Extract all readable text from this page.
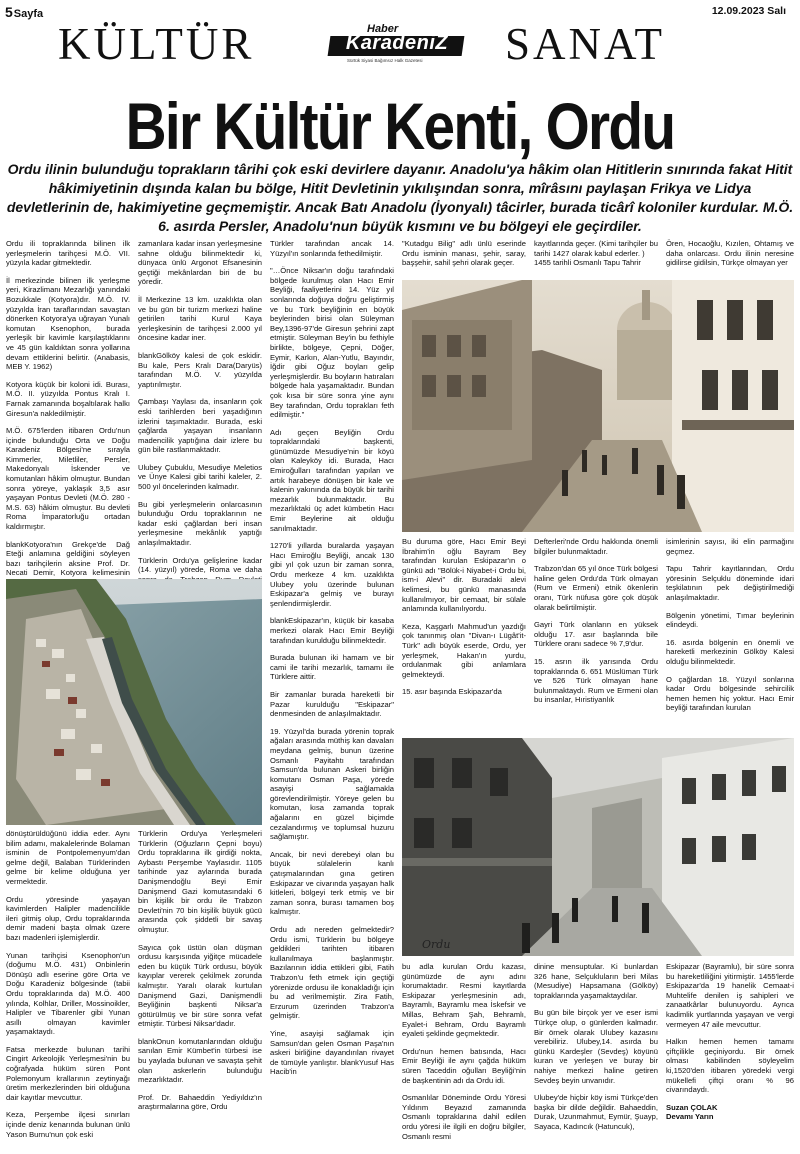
5Sayfa	12.09.2023 Salı
KÜLTÜR	SANAT
Haber
KaradeniZ
Sürtük Siyasi Bağımsız Halk Gazetesi
Bir Kültür Kenti, Ordu
Ordu ilinin bulunduğu toprakların târihi çok eski devirlere dayanır. Anadolu'ya hâkim olan Hititlerin sınırında fakat Hitit hâkimiyetinin dışında kalan bu bölge, Hitit Devletinin yıkılışından sonra, mîrâsını paylaşan Frikya ve Lidya devletlerinin de, hakimiyetine geçmemiştir. Ancak Batı Anadolu (İyonyalı) tâcirler, burada ticârî koloniler kurdular. M.Ö. 6. asırda Persler, Anadolu'nun büyük kısmını ve bu bölgeyi ele geçirdiler.

Ordu ili topraklarında bilinen ilk yerleşmelerin tarihçesi M.Ö. VII. yüzyıla kadar gitmektedir.

İl merkezinde bilinen ilk yerleşme yeri, Kirazlimanı Mezarlığı yanındaki Bozukkale (Kotyora)dır. M.Ö. IV. yüzyılda İran taraflarından savaştan dönerken Kotyora'ya uğrayan Yunalı komutan Ksenophon, burada yerleşik bir kavimle karşılaştıklarını ve 45 gün kaldıktan sonra yollarına devam ettiklerini belirtir. (Anabasis, MEB Y. 1962)

Kotyora küçük bir koloni idi. Burası, M.Ö. II. yüzyılda Pontus Kralı I. Farnak zamanında boşaltılarak halkı Giresun'a nakledilmiştir.

M.Ö. 675'lerden itibaren Ordu'nun içinde bulunduğu Orta ve Doğu Karadeniz Bölgesi'ne sırayla Kimmerler, Miletliler, Persler, Makedonyalı İskender ve komutanları hâkim olmuştur. Bundan sonra yöreye, yaklaşık 3,5 asır yaşayan Pontus Devleti (M.Ö. 280 - M.S. 63) hâkim olmuştur. Bu devleti Roma İmparatorluğu ortadan kaldırmıştır.

blankKotyora'nın Grekçe'de Dağ Eteği anlamına geldiğini söyleyen bazı tarihçilerin aksine Prof. Dr. Necati Demir, Kotyora kelimesinin

zamanlara kadar insan yerleşmesine sahne olduğu bilinmektedir ki, dünyaca ünlü Argonot Efsanesinin geçtiği mekânlardan biri de bu yöredir.

İl Merkezine 13 km. uzaklıkta olan ve bu gün bir turizm merkezi haline getirilen tarihi Kurul Kaya yerleşkesinin de tarihçesi 2.000 yıl öncesine kadar iner.

blankGölköy kalesi de çok eskidir. Bu kale, Pers Kralı Dara(Daryüs) tarafından M.Ö. V. yüzyılda yaptırılmıştır.

Çambaşı Yaylası da, insanların çok eski tarihlerden beri yaşadığının izlerini taşımaktadır. Burada, eski çağlarda yaşayan insanların madencilik yaptığına dair izlere bu gün bile rastlanmaktadır.

Ulubey Çubuklu, Mesudiye Meletios ve Ünye Kalesi gibi tarihi kaleler, 2. 500 yıl öncelerinden kalmadır.

Bu gibi yerleşmelerin onlarcasının bulunduğu Ordu topraklarının ne kadar eski çağlardan beri insan yerleşmesine mekânlık yaptığı anlaşılmaktadır.

Türklerin Ordu'ya gelişlerine kadar (14. yüzyıl) yörede, Roma ve daha

dönüştürüldüğünü iddia eder. Aynı bilim adamı, makalelerinde Bolaman isminin de Pontpolemenyum'dan gelme değil, Balaban Türklerinden gelme bir kelime olduğuna yer vermektedir.

Ordu yöresinde yaşayan kavimlerden Halipler madencilikle ileri gitmiş olup, Ordu topraklarında demir madeni başta olmak üzere bazı madenleri işlemişlerdir.

Yunan tarihçisi Ksenophon'un (doğumu M.Ö. 431) Onbinlerin Dönüşü adlı eserine göre Orta ve Doğu Karadeniz bölgesinde (tabii Ordu topraklarında da) M.Ö. 400 yılında, Kolhlar, Driller, Mossinoikler, Halipler ve Tibarenler gibi Yunan asıllı olmayan kavimler yaşamaktaydı.

Fatsa merkezde bulunan tarihi Cingirt Arkeolojik Yerleşmesi'nin bu coğrafyada hüküm süren Pont Polemonyum krallarının zeytinyağı üretim merkezlerinden biri olduğuna dair kayıtlar mevcuttur.

Keza, Perşembe ilçesi sınırları içinde deniz kenarında bulunan ünlü Yason Burnu'nun çok eski

Türklerin Ordu'ya Yerleşmeleri Türklerin (Oğuzların Çepni boyu) Ordu topraklarına ilk girdiği nokta, Aybastı Perşembe Yaylasıdır. 1105 tarihinde yaz aylarında burada Danişmendoğlu Beyi Emir Danişmend Gazi komutasındaki 6 bin kişilik bir ordu ile Trabzon Devleti'nin 70 bin kişilik büyük gücü arasında çok şiddetli bir savaş olmuştur.

Sayıca çok üstün olan düşman ordusu karşısında yiğitçe mücadele eden bu küçük Türk ordusu, büyük kayıplar vererek çekilmek zorunda kalmıştır. Yaralı olarak kurtulan Danişmend Gazi, Danişmendli Beyliğinin başkenti Niksar'a götürülmüş ve bir süre sonra vefat etmiştir. Türbesi Niksar'dadır.

blankOnun komutanlarından olduğu sanılan Emir Kümbet'in türbesi ise bu yaylada bulunan ve savaşta şehit olan askerlerin bulunduğu mezarlıktadır.

Prof. Dr. Bahaeddin Yediyıldız'ın araştırmalarına göre, Ordu

Türkler tarafından ancak 14. Yüzyıl'ın sonlarında fethedilmiştir.

"…Önce Niksar'ın doğu tarafındaki bölgede kurulmuş olan Hacı Emir Beyliği, faaliyetlerini 14. Yüz yıl sonlarında doğuya doğru geliştirmiş ve bu Türk beyliğinin en büyük beylerinden birisi olan Süleyman Bey,1396-97'de Giresun şehrini zapt etmiştir. Süleyman Bey'in bu fethiyle birlikte, bölgeye, Çepni, Döğer, Eymir, Karkın, Alan-Yutlu, Bayındır, İğdir gibi Oğuz boyları gelip yerleşmişlerdir. Bu boyların hatıraları bölgede hala yaşamaktadır. Bundan çok kısa bir süre sonra yine aynı Bey tarafından, Ordu toprakları feth edilmiştir."

Adı geçen Beyliğin Ordu topraklarındaki başkenti, günümüzde Mesudiye'nin bir köyü olan Kaleyköy idi. Burada, Hacı Emiroğulları tarafından yapılan ve artık harabeye dönüşen bir kale ve kalenin yakınında da büyük bir tarihi mezarlık bulunmaktadır. Bu mezarlıktaki üç adet kümbetin Hacı Emir Beylerine ait olduğu sanılmaktadır.

1270'li yıllarda buralarda yaşayan Hacı Emiroğlu Beyliği, ancak 130 gibi yıl çok uzun bir zaman sonra, Ordu merkeze 4 km. uzaklıkta Ulubey yolu üzerinde bulunan Eskipazar'a gelmiş ve burayı şenlendirmişlerdir.

blankEskipazar'ın, küçük bir kasaba merkezi olarak Hacı Emir Beyliği tarafından kurulduğu bilinmektedir.

Burada bulunan iki hamam ve bir cami ile tarihi mezarlık, tamamı ile Türklere aittir.

Bir zamanlar burada hareketli bir Pazar kurulduğu "Eskipazar" denmesinden de anlaşılmaktadır.

19. Yüzyıl'da burada yörenin toprak ağaları arasında müthiş kan davaları meydana gelmiş, bunun üzerine Osmanlı Payitahtı tarafından Samsun'da bulunan Askeri birliğin komutanı Osman Paşa, yörede asayişi sağlamakla görevlendirilmiştir. Yöreye gelen bu komutan, kısa zamanda toprak ağalarını en güzel biçimde cezalandırmış ve toplumsal huzuru sağlamıştır.

Ancak, bir nevi derebeyi olan bu büyük sülalelerin kanlı çatışmalarından gına getiren Eskipazar ve civarında yaşayan halk kitleleri, bölgeyi terk etmiş ve bir zaman sonra, burası tamamen boş kalmıştır.

Ordu adı nereden gelmektedir? Ordu ismi, Türklerin bu bölgeye geldikleri tarihten itibaren kullanılmaya başlanmıştır. Bazılarının iddia ettikleri gibi, Fatih Trabzon'u feth etmek için geçtiği yörenizde ordusu ile konakladığı için bu ad verilmemiştir. Zira Fatih, Erzurum üzerinden Trabzon'a gelmiştir.

Yine, asayişi sağlamak için Samsun'dan gelen Osman Paşa'nın askeri birliğine dayandırılan rivayet de tümüyle yanlıştır. blankYusuf Has Hacib'in

"Kutadgu Bilig" adlı ünlü eserinde Ordu isminin manası, şehir, saray, başşehir, sahil şehri olarak geçer.

kayıtlarında geçer. (Kimi tarihçiler bu tarihi 1427 olarak kabul ederler. )

1455 tarihli Osmanlı Tapu Tahrir

Ören, Hocaoğlu, Kızılen, Ohtamış ve daha onlarcası. Ordu ilinin neresine gidilirse gidilsin, Türkçe olmayan yer

Bu duruma göre, Hacı Emir Beyi İbrahim'in oğlu Bayram Bey tarafından kurulan Eskipazar'ın o günkü adı "Bölük-i Niyabet-i Ordu bi, ism-i Alevi" dir. Buradaki alevi kelimesi, bu günkü manasında kullanılmıyor, bir cemaat, bir sülale anlamında kullanılıyordu.

Keza, Kaşgarlı Mahmud'un yazdığı çok tanınmış olan "Divan-ı Lügât'it-Türk" adlı büyük eserde, Ordu, yer yerleşmek, Hakan'ın yurdu, ordulanmak gibi anlamlara gelmekteydi.

15. asır başında Eskipazar'da

Defterleri'nde Ordu hakkında önemli bilgiler bulunmaktadır.

Trabzon'dan 65 yıl önce Türk bölgesi haline gelen Ordu'da Türk olmayan (Rum ve Ermeni) etnik ökenlerin oranı, Türk nüfusa göre çok düşük olarak belirtilmiştir.

Gayri Türk olanların en yüksek olduğu 17. asır başlarında bile Türklere oranı sadece % 7,9'dur.

15. asrın ilk yarısında Ordu topraklarında 6. 651 Müslüman Türk ve 526 Türk olmayan hane bulunmaktaydı. Rum ve Ermeni olan bu insanlar, Hıristiyanlık

isimlerinin sayısı, iki elin parmağını geçmez.

Tapu Tahrir kayıtlarından, Ordu yöresinin Selçuklu döneminde idari teşkilatının pek değiştirilmediği anlaşılmaktadır.

Bölgenin yönetimi, Tımar beylerinin elindeydi.

16. asırda bölgenin en önemli ve hareketli merkezinin Gölköy Kalesi olduğu bilinmektedir.

O çağlardan 18. Yüzyıl sonlarına kadar Ordu bölgesinde sehircilik hemen hemen hiç yoktur. Hacı Emir beyliği tarafından kurulan

Ordu

bu adla kurulan Ordu kazası, günümüzde de aynı adını korumaktadır. Resmi kayıtlarda Eskipazar yerleşmesinin adı, Bayramlı, Bayramlu mea İskefsir ve Millas, Behram Şah, Behramlı, Eyalet-i Behram, Ordu Bayramlı eyaleti şeklinde geçmektedir.

Ordu'nun hemen batısında, Hacı Emir Beyliği ile aynı çağda hüküm süren Taceddin oğulları Beyliği'nin de başkentinin adı da Ordu idi.

Osmanlılar Döneminde Ordu Yöresi Yıldırım Beyazıd zamanında Osmanlı topraklarına dahil edilen ordu yöresi ile ilgili en doğru bilgiler, Osmanlı resmi

dinine mensuptular. Ki bunlardan 326 hane, Selçukluların beri Milas (Mesudiye) Hapsamana (Gölköy) topraklarında yaşamaktaydılar.

Bu gün bile birçok yer ve eser ismi Türkçe olup, o günlerden kalmadır. Bir örnek olarak Ulubey kazasını verebiliriz. Ulubey,14. asırda bu günkü Kardeşler (Sevdeş) köyünü kuran ve yerleşen ve buray bir nahiye merkezi haline getiren Sevdeş beyin unvanıdır.

Ulubey'de hiçbir köy ismi Türkçe'den başka bir dilde değildir. Bahaeddin, Durak, Uzunmahmut, Eymür, Şuayp, Sayaca, Kadıncık (Hatuncuk),

Eskipazar (Bayramlu), bir süre sonra bu hareketliliğini yitirmiştir. 1455'lerde Eskipazar'da 19 hanelik Cemaat-i Muhtelife denilen iş sahipleri ve zanaatkârlar bulunuyordu. Ayrıca kadimlik yurtlarında yaşayan ve vergi vermeyen 47 aile mevcuttur.

Halkın hemen hemen tamamı çiftçilikle geçiniyordu. Bir örnek olması kabilinden söyleyelim ki,1520'den itibaren yöredeki vergi mükellefi çiftçi oranı % 96 civarındaydı.

Suzan ÇOLAK
Devamı Yarın
